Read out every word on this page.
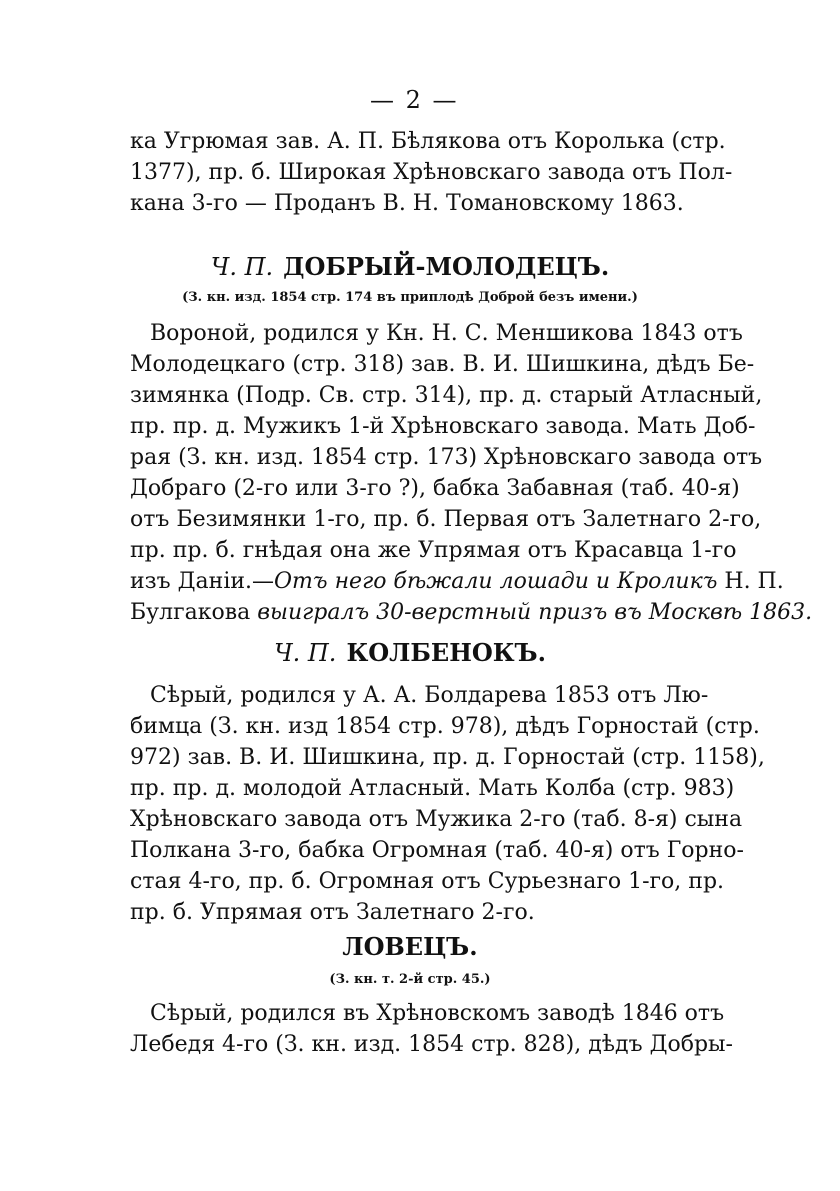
— 2 —
ка Угрюмая зав. А. П. Бѣлякова отъ Королька (стр.
1377), пр. б. Широкая Хрѣновскаго завода отъ Пол-
кана 3-го — Проданъ В. Н. Томановскому 1863.
Ч. П. ДОБРЫЙ-МОЛОДЕЦЪ.
(З. кн. изд. 1854 стр. 174 въ приплодѣ Доброй безъ имени.)
Вороной, родился у Кн. Н. С. Меншикова 1843 отъ
Молодецкаго (стр. 318) зав. В. И. Шишкина, дѣдъ Бе-
зимянка (Подр. Св. стр. 314), пр. д. старый Атласный,
пр. пр. д. Мужикъ 1-й Хрѣновскаго завода. Мать Доб-
рая (З. кн. изд. 1854 стр. 173) Хрѣновскаго завода отъ
Добраго (2-го или 3-го ?), бабка Забавная (таб. 40-я)
отъ Безимянки 1-го, пр. б. Первая отъ Залетнаго 2-го,
пр. пр. б. гнѣдая она же Упрямая отъ Красавца 1-го
изъ Даніи.—Отъ него бѣжали лошади и Кроликъ Н. П.
Булгакова выигралъ 30-верстный призъ въ Москвѣ 1863.
Ч. П. КОЛБЕНОКЪ.
Сѣрый, родился у А. А. Болдарева 1853 отъ Лю-
бимца (З. кн. изд 1854 стр. 978), дѣдъ Горностай (стр.
972) зав. В. И. Шишкина, пр. д. Горностай (стр. 1158),
пр. пр. д. молодой Атласный. Мать Колба (стр. 983)
Хрѣновскаго завода отъ Мужика 2-го (таб. 8-я) сына
Полкана 3-го, бабка Огромная (таб. 40-я) отъ Горно-
стая 4-го, пр. б. Огромная отъ Сурьезнаго 1-го, пр.
пр. б. Упрямая отъ Залетнаго 2-го.
ЛОВЕЦЪ.
(З. кн. т. 2-й стр. 45.)
Сѣрый, родился въ Хрѣновскомъ заводѣ 1846 отъ
Лебедя 4-го (З. кн. изд. 1854 стр. 828), дѣдъ Добры-
